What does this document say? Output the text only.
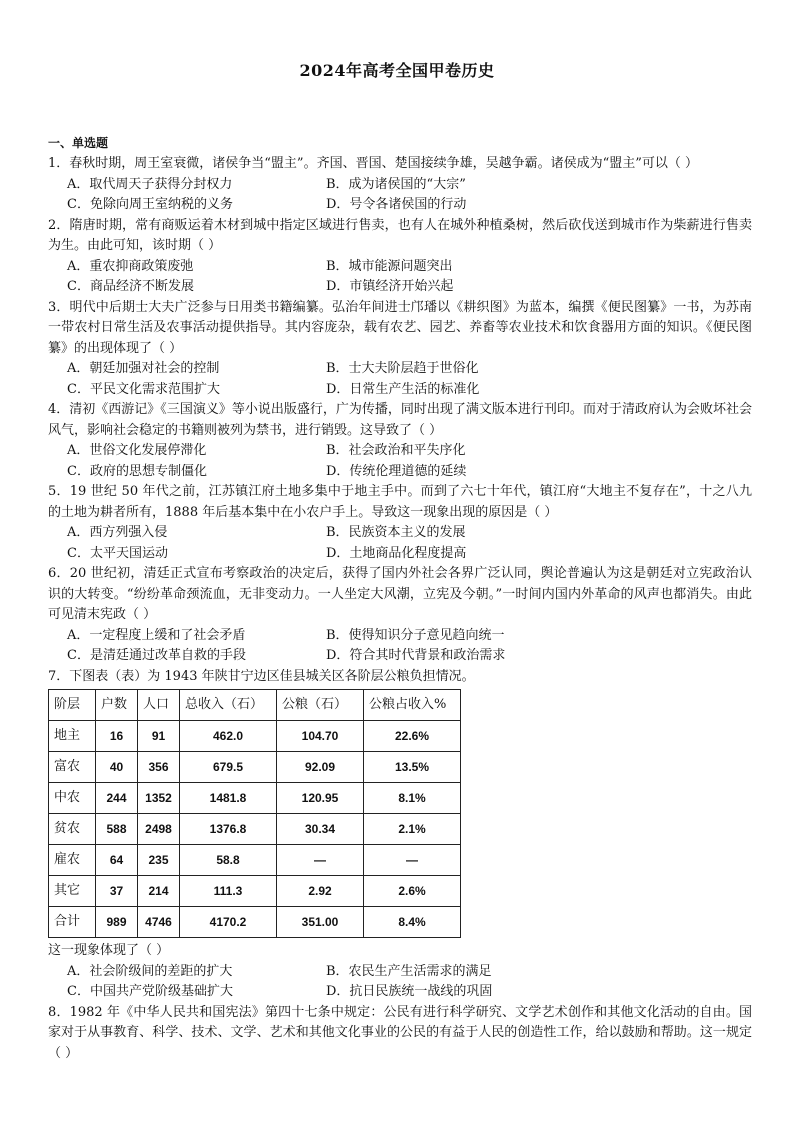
2024年高考全国甲卷历史
一、单选题
1．春秋时期，周王室衰微，诸侯争当“盟主”。齐国、晋国、楚国接续争雄，吴越争霸。诸侯成为“盟主”可以（ ）
A．取代周天子获得分封权力	B．成为诸侯国的“大宗”
C．免除向周王室纳税的义务	D．号令各诸侯国的行动
2．隋唐时期，常有商贩运着木材到城中指定区域进行售卖，也有人在城外种植桑树，然后砍伐送到城市作为柴薪进行售卖为生。由此可知，该时期（ ）
A．重农抑商政策废弛	B．城市能源问题突出
C．商品经济不断发展	D．市镇经济开始兴起
3．明代中后期士大夫广泛参与日用类书籍编纂。弘治年间进士邝璠以《耕织图》为蓝本，编撰《便民图纂》一书，为苏南一带农村日常生活及农事活动提供指导。其内容庞杂，载有农艺、园艺、养畜等农业技术和饮食器用方面的知识。《便民图纂》的出现体现了（ ）
A．朝廷加强对社会的控制	B．士大夫阶层趋于世俗化
C．平民文化需求范围扩大	D．日常生产生活的标准化
4．清初《西游记》《三国演义》等小说出版盛行，广为传播，同时出现了满文版本进行刊印。而对于清政府认为会败坏社会风气，影响社会稳定的书籍则被列为禁书，进行销毁。这导致了（ ）
A．世俗文化发展停滞化	B．社会政治和平失序化
C．政府的思想专制僵化	D．传统伦理道德的延续
5．19 世纪 50 年代之前，江苏镇江府土地多集中于地主手中。而到了六七十年代，镇江府“大地主不复存在”，十之八九的土地为耕者所有，1888 年后基本集中在小农户手上。导致这一现象出现的原因是（ ）
A．西方列强入侵	B．民族资本主义的发展
C．太平天国运动	D．土地商品化程度提高
6．20 世纪初，清廷正式宣布考察政治的决定后，获得了国内外社会各界广泛认同，舆论普遍认为这是朝廷对立宪政治认识的大转变。“纷纷革命颈流血，无非变动力。一人坐定大风潮，立宪及今朝。”一时间内国内外革命的风声也都消失。由此可见清末宪政（ ）
A．一定程度上缓和了社会矛盾	B．使得知识分子意见趋向统一
C．是清廷通过改革自救的手段	D．符合其时代背景和政治需求
7．下图表（表）为 1943 年陕甘宁边区佳县城关区各阶层公粮负担情况。
阶层	户数	人口	总收入（石）	公粮（石）	公粮占收入%
地主	16	91	462.0	104.70	22.6%
富农	40	356	679.5	92.09	13.5%
中农	244	1352	1481.8	120.95	8.1%
贫农	588	2498	1376.8	30.34	2.1%
雇农	64	235	58.8	—	—
其它	37	214	111.3	2.92	2.6%
合计	989	4746	4170.2	351.00	8.4%
这一现象体现了（ ）
A．社会阶级间的差距的扩大	B．农民生产生活需求的满足
C．中国共产党阶级基础扩大	D．抗日民族统一战线的巩固
8．1982 年《中华人民共和国宪法》第四十七条中规定：公民有进行科学研究、文学艺术创作和其他文化活动的自由。国家对于从事教育、科学、技术、文学、艺术和其他文化事业的公民的有益于人民的创造性工作，给以鼓励和帮助。这一规定（ ）
